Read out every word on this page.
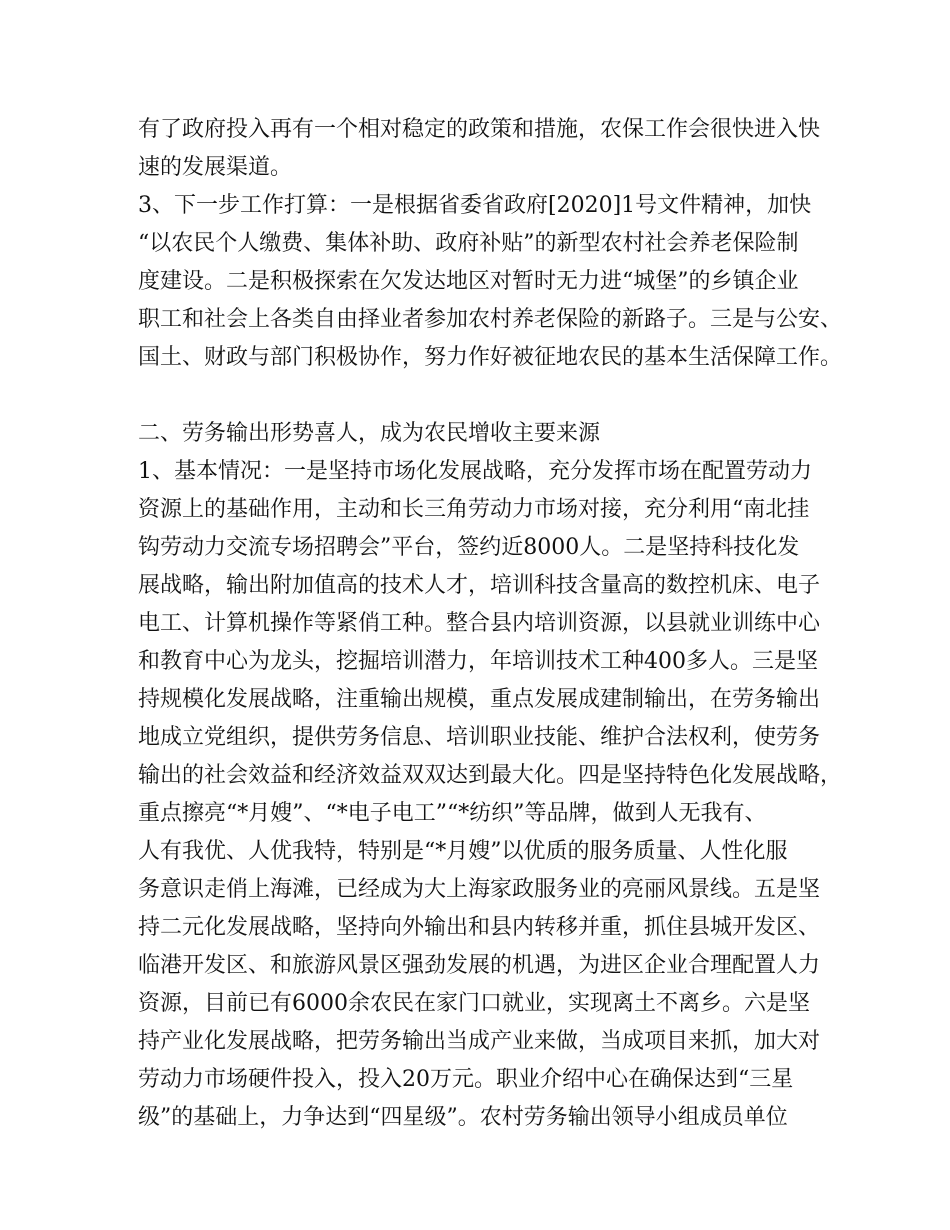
有了政府投入再有一个相对稳定的政策和措施，农保工作会很快进入快
速的发展渠道。
3、下一步工作打算：一是根据省委省政府[2020]1号文件精神，加快
“以农民个人缴费、集体补助、政府补贴”的新型农村社会养老保险制
度建设。二是积极探索在欠发达地区对暂时无力进“城堡”的乡镇企业
职工和社会上各类自由择业者参加农村养老保险的新路子。三是与公安、
国土、财政与部门积极协作，努力作好被征地农民的基本生活保障工作。
二、劳务输出形势喜人，成为农民增收主要来源
1、基本情况：一是坚持市场化发展战略，充分发挥市场在配置劳动力
资源上的基础作用，主动和长三角劳动力市场对接，充分利用“南北挂
钩劳动力交流专场招聘会”平台，签约近8000人。二是坚持科技化发
展战略，输出附加值高的技术人才，培训科技含量高的数控机床、电子
电工、计算机操作等紧俏工种。整合县内培训资源，以县就业训练中心
和教育中心为龙头，挖掘培训潜力，年培训技术工种400多人。三是坚
持规模化发展战略，注重输出规模，重点发展成建制输出，在劳务输出
地成立党组织，提供劳务信息、培训职业技能、维护合法权利，使劳务
输出的社会效益和经济效益双双达到最大化。四是坚持特色化发展战略，
重点擦亮“*月嫂”、“*电子电工”“*纺织”等品牌，做到人无我有、
人有我优、人优我特，特别是“*月嫂”以优质的服务质量、人性化服
务意识走俏上海滩，已经成为大上海家政服务业的亮丽风景线。五是坚
持二元化发展战略，坚持向外输出和县内转移并重，抓住县城开发区、
临港开发区、和旅游风景区强劲发展的机遇，为进区企业合理配置人力
资源，目前已有6000余农民在家门口就业，实现离土不离乡。六是坚
持产业化发展战略，把劳务输出当成产业来做，当成项目来抓，加大对
劳动力市场硬件投入，投入20万元。职业介绍中心在确保达到“三星
级”的基础上，力争达到“四星级”。农村劳务输出领导小组成员单位
